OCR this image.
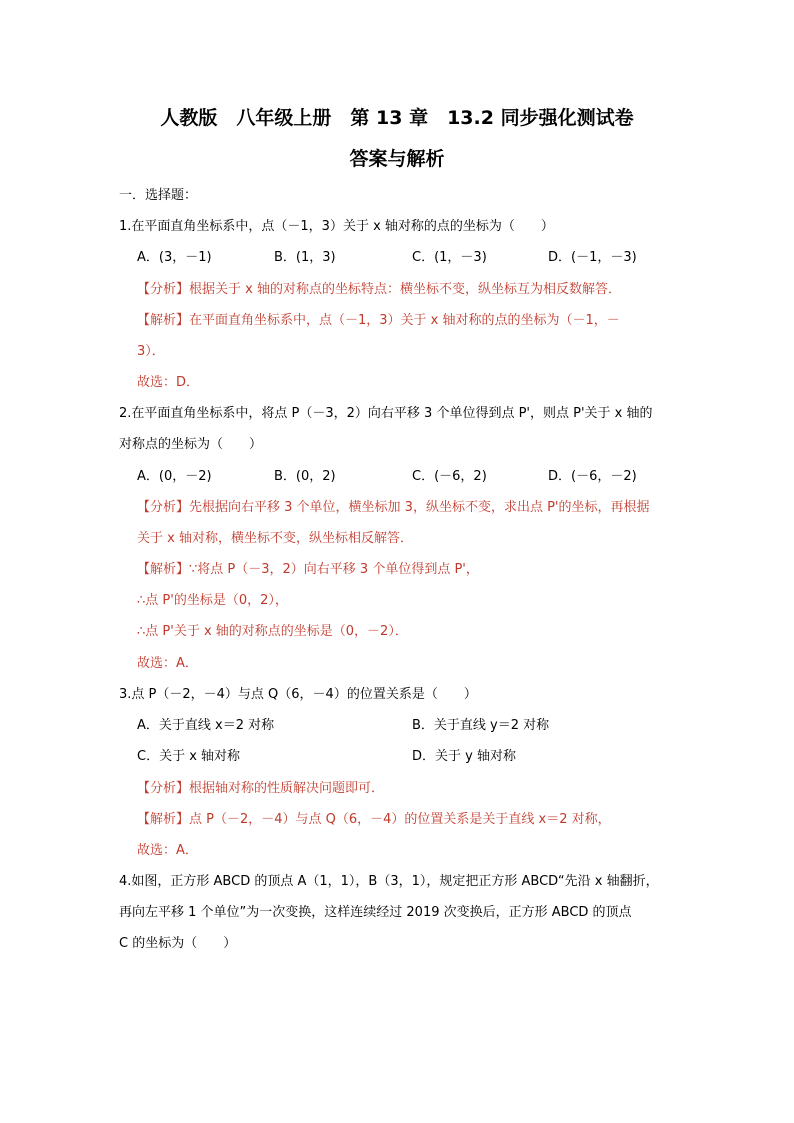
人教版　八年级上册　第 13 章　13.2 同步强化测试卷
答案与解析
一．选择题：
1.在平面直角坐标系中，点（－1，3）关于 x 轴对称的点的坐标为（　　）
A．(3，－1)	B．(1，3)	C．(1，－3)	D．(－1，－3)
【分析】根据关于 x 轴的对称点的坐标特点：横坐标不变，纵坐标互为相反数解答．
【解析】在平面直角坐标系中，点（－1，3）关于 x 轴对称的点的坐标为（－1，－
3）．
故选：D．
2.在平面直角坐标系中，将点 P（－3，2）向右平移 3 个单位得到点 P'，则点 P'关于 x 轴的
对称点的坐标为（　　）
A．(0，－2)	B．(0，2)	C．(－6，2)	D．(－6，－2)
【分析】先根据向右平移 3 个单位，横坐标加 3，纵坐标不变，求出点 P'的坐标，再根据
关于 x 轴对称，横坐标不变，纵坐标相反解答．
【解析】∵将点 P（－3，2）向右平移 3 个单位得到点 P'，
∴点 P'的坐标是（0，2），
∴点 P'关于 x 轴的对称点的坐标是（0，－2）．
故选：A．
3.点 P（－2，－4）与点 Q（6，－4）的位置关系是（　　）
A．关于直线 x＝2 对称	B．关于直线 y＝2 对称
C．关于 x 轴对称	D．关于 y 轴对称
【分析】根据轴对称的性质解决问题即可．
【解析】点 P（－2，－4）与点 Q（6，－4）的位置关系是关于直线 x＝2 对称，
故选：A．
4.如图，正方形 ABCD 的顶点 A（1，1），B（3，1），规定把正方形 ABCD“先沿 x 轴翻折，
再向左平移 1 个单位”为一次变换，这样连续经过 2019 次变换后，正方形 ABCD 的顶点
C 的坐标为（　　）
